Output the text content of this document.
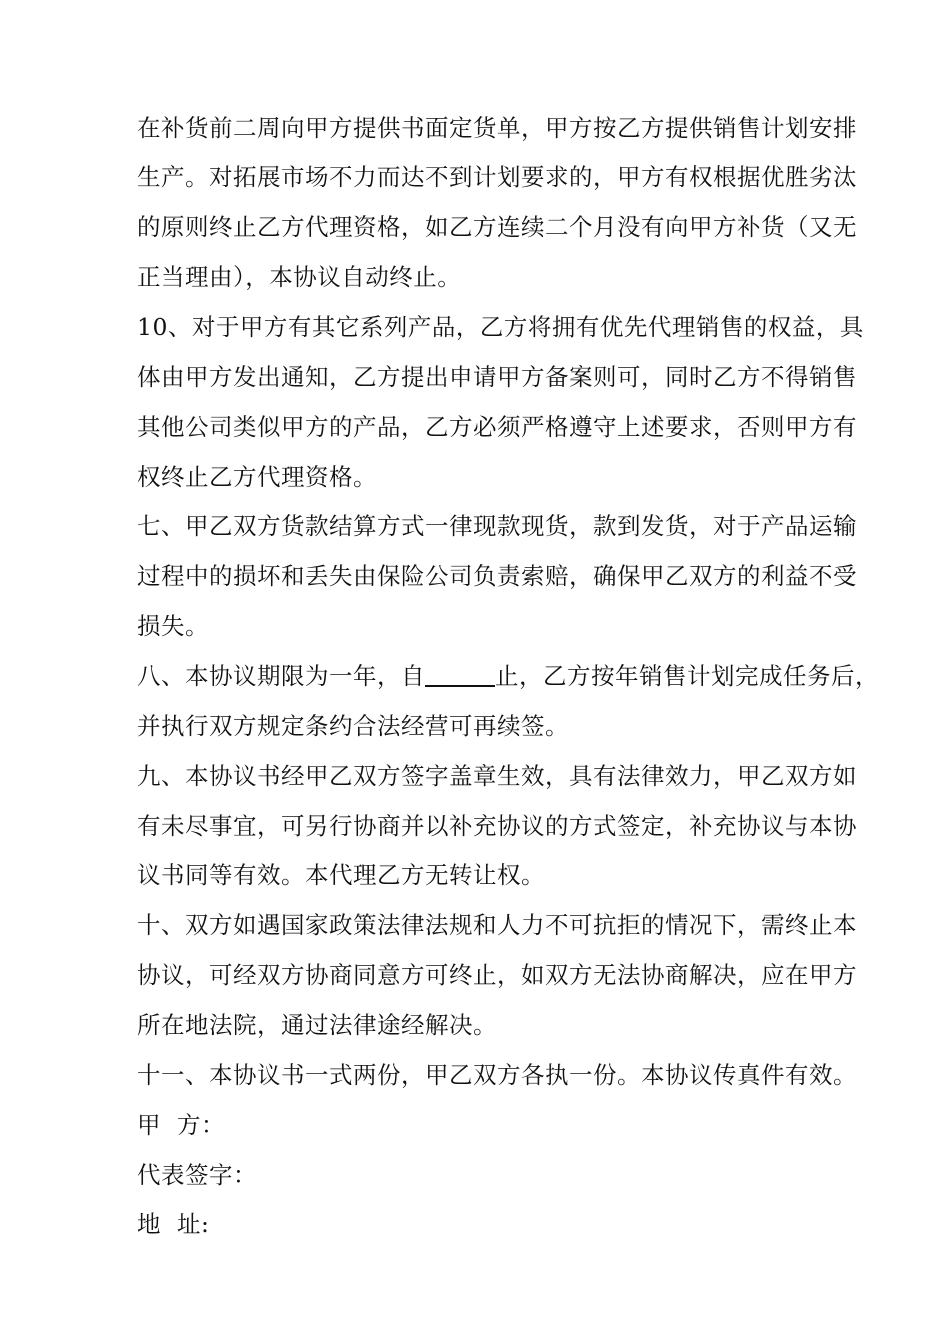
在补货前二周向甲方提供书面定货单，甲方按乙方提供销售计划安排
生产。对拓展市场不力而达不到计划要求的，甲方有权根据优胜劣汰
的原则终止乙方代理资格，如乙方连续二个月没有向甲方补货（又无
正当理由），本协议自动终止。
10、对于甲方有其它系列产品，乙方将拥有优先代理销售的权益，具
体由甲方发出通知，乙方提出申请甲方备案则可，同时乙方不得销售
其他公司类似甲方的产品，乙方必须严格遵守上述要求，否则甲方有
权终止乙方代理资格。
七、甲乙双方货款结算方式一律现款现货，款到发货，对于产品运输
过程中的损坏和丢失由保险公司负责索赔，确保甲乙双方的利益不受
损失。
八、本协议期限为一年，自	止，乙方按年销售计划完成任务后，
并执行双方规定条约合法经营可再续签。
九、本协议书经甲乙双方签字盖章生效，具有法律效力，甲乙双方如
有未尽事宜，可另行协商并以补充协议的方式签定，补充协议与本协
议书同等有效。本代理乙方无转让权。
十、双方如遇国家政策法律法规和人力不可抗拒的情况下，需终止本
协议，可经双方协商同意方可终止，如双方无法协商解决，应在甲方
所在地法院，通过法律途经解决。
十一、本协议书一式两份，甲乙双方各执一份。本协议传真件有效。
甲  方：
代表签字：
地  址:
